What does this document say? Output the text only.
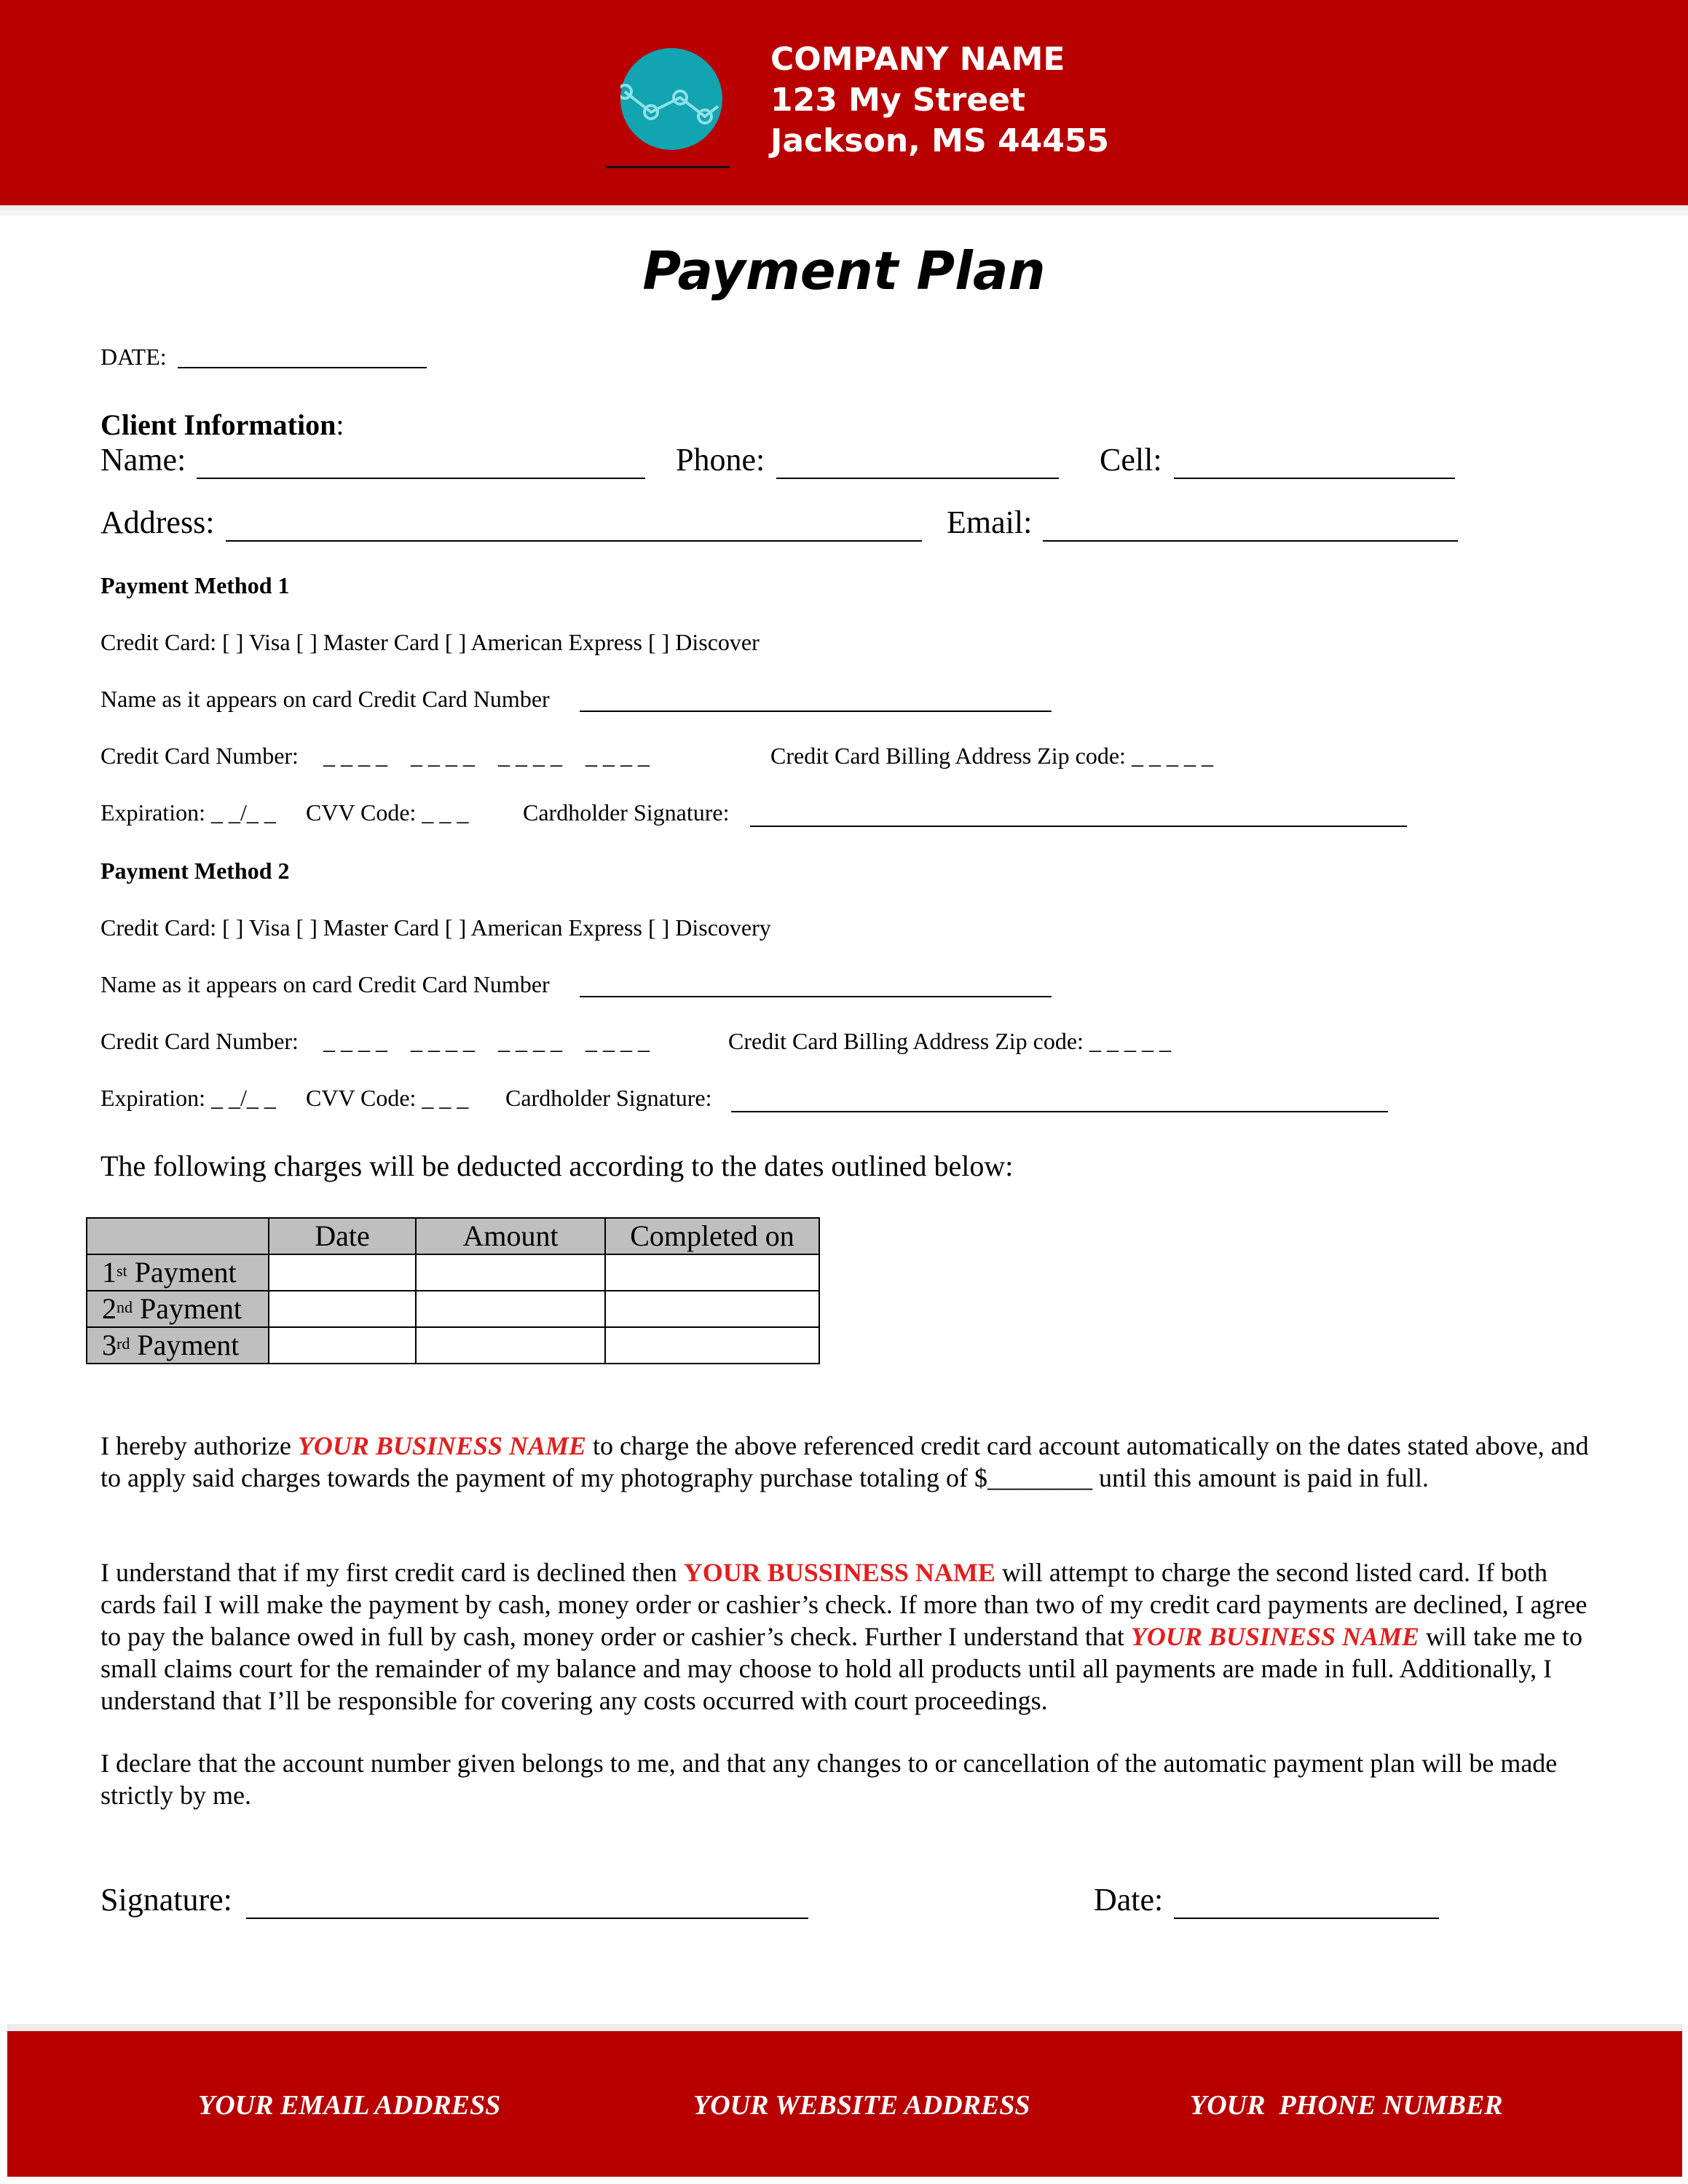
COMPANY NAME
123 My Street
Jackson, MS 44455
Payment Plan
DATE:
Client Information:
Name:	Phone:	Cell:
Address:	Email:
Payment Method 1
Credit Card: [ ] Visa [ ] Master Card [ ] American Express [ ] Discover
Name as it appears on card Credit Card Number
Credit Card Number: _ _ _ _    _ _ _ _    _ _ _ _    _ _ _ _	Credit Card Billing Address Zip code: _ _ _ _ _
Expiration: _ _/_ _ CVV Code: _ _ _ Cardholder Signature:
Payment Method 2
Credit Card: [ ] Visa [ ] Master Card [ ] American Express [ ] Discovery
Name as it appears on card Credit Card Number
Credit Card Number: _ _ _ _    _ _ _ _    _ _ _ _    _ _ _ _	Credit Card Billing Address Zip code: _ _ _ _ _
Expiration: _ _/_ _ CVV Code: _ _ _ Cardholder Signature:
The following charges will be deducted according to the dates outlined below:
	Date	Amount	Completed on
1st Payment			
2nd Payment			
3rd Payment			
I hereby authorize YOUR BUSINESS NAME to charge the above referenced credit card account automatically on the dates stated above, and to apply said charges towards the payment of my photography purchase totaling of $________ until this amount is paid in full.
I understand that if my first credit card is declined then YOUR BUSSINESS NAME will attempt to charge the second listed card. If both cards fail I will make the payment by cash, money order or cashier’s check. If more than two of my credit card payments are declined, I agree to pay the balance owed in full by cash, money order or cashier’s check. Further I understand that YOUR BUSINESS NAME will take me to small claims court for the remainder of my balance and may choose to hold all products until all payments are made in full. Additionally, I understand that I’ll be responsible for covering any costs occurred with court proceedings.
I declare that the account number given belongs to me, and that any changes to or cancellation of the automatic payment plan will be made strictly by me.
Signature:	Date:
YOUR EMAIL ADDRESS	YOUR WEBSITE ADDRESS	YOUR  PHONE NUMBER
